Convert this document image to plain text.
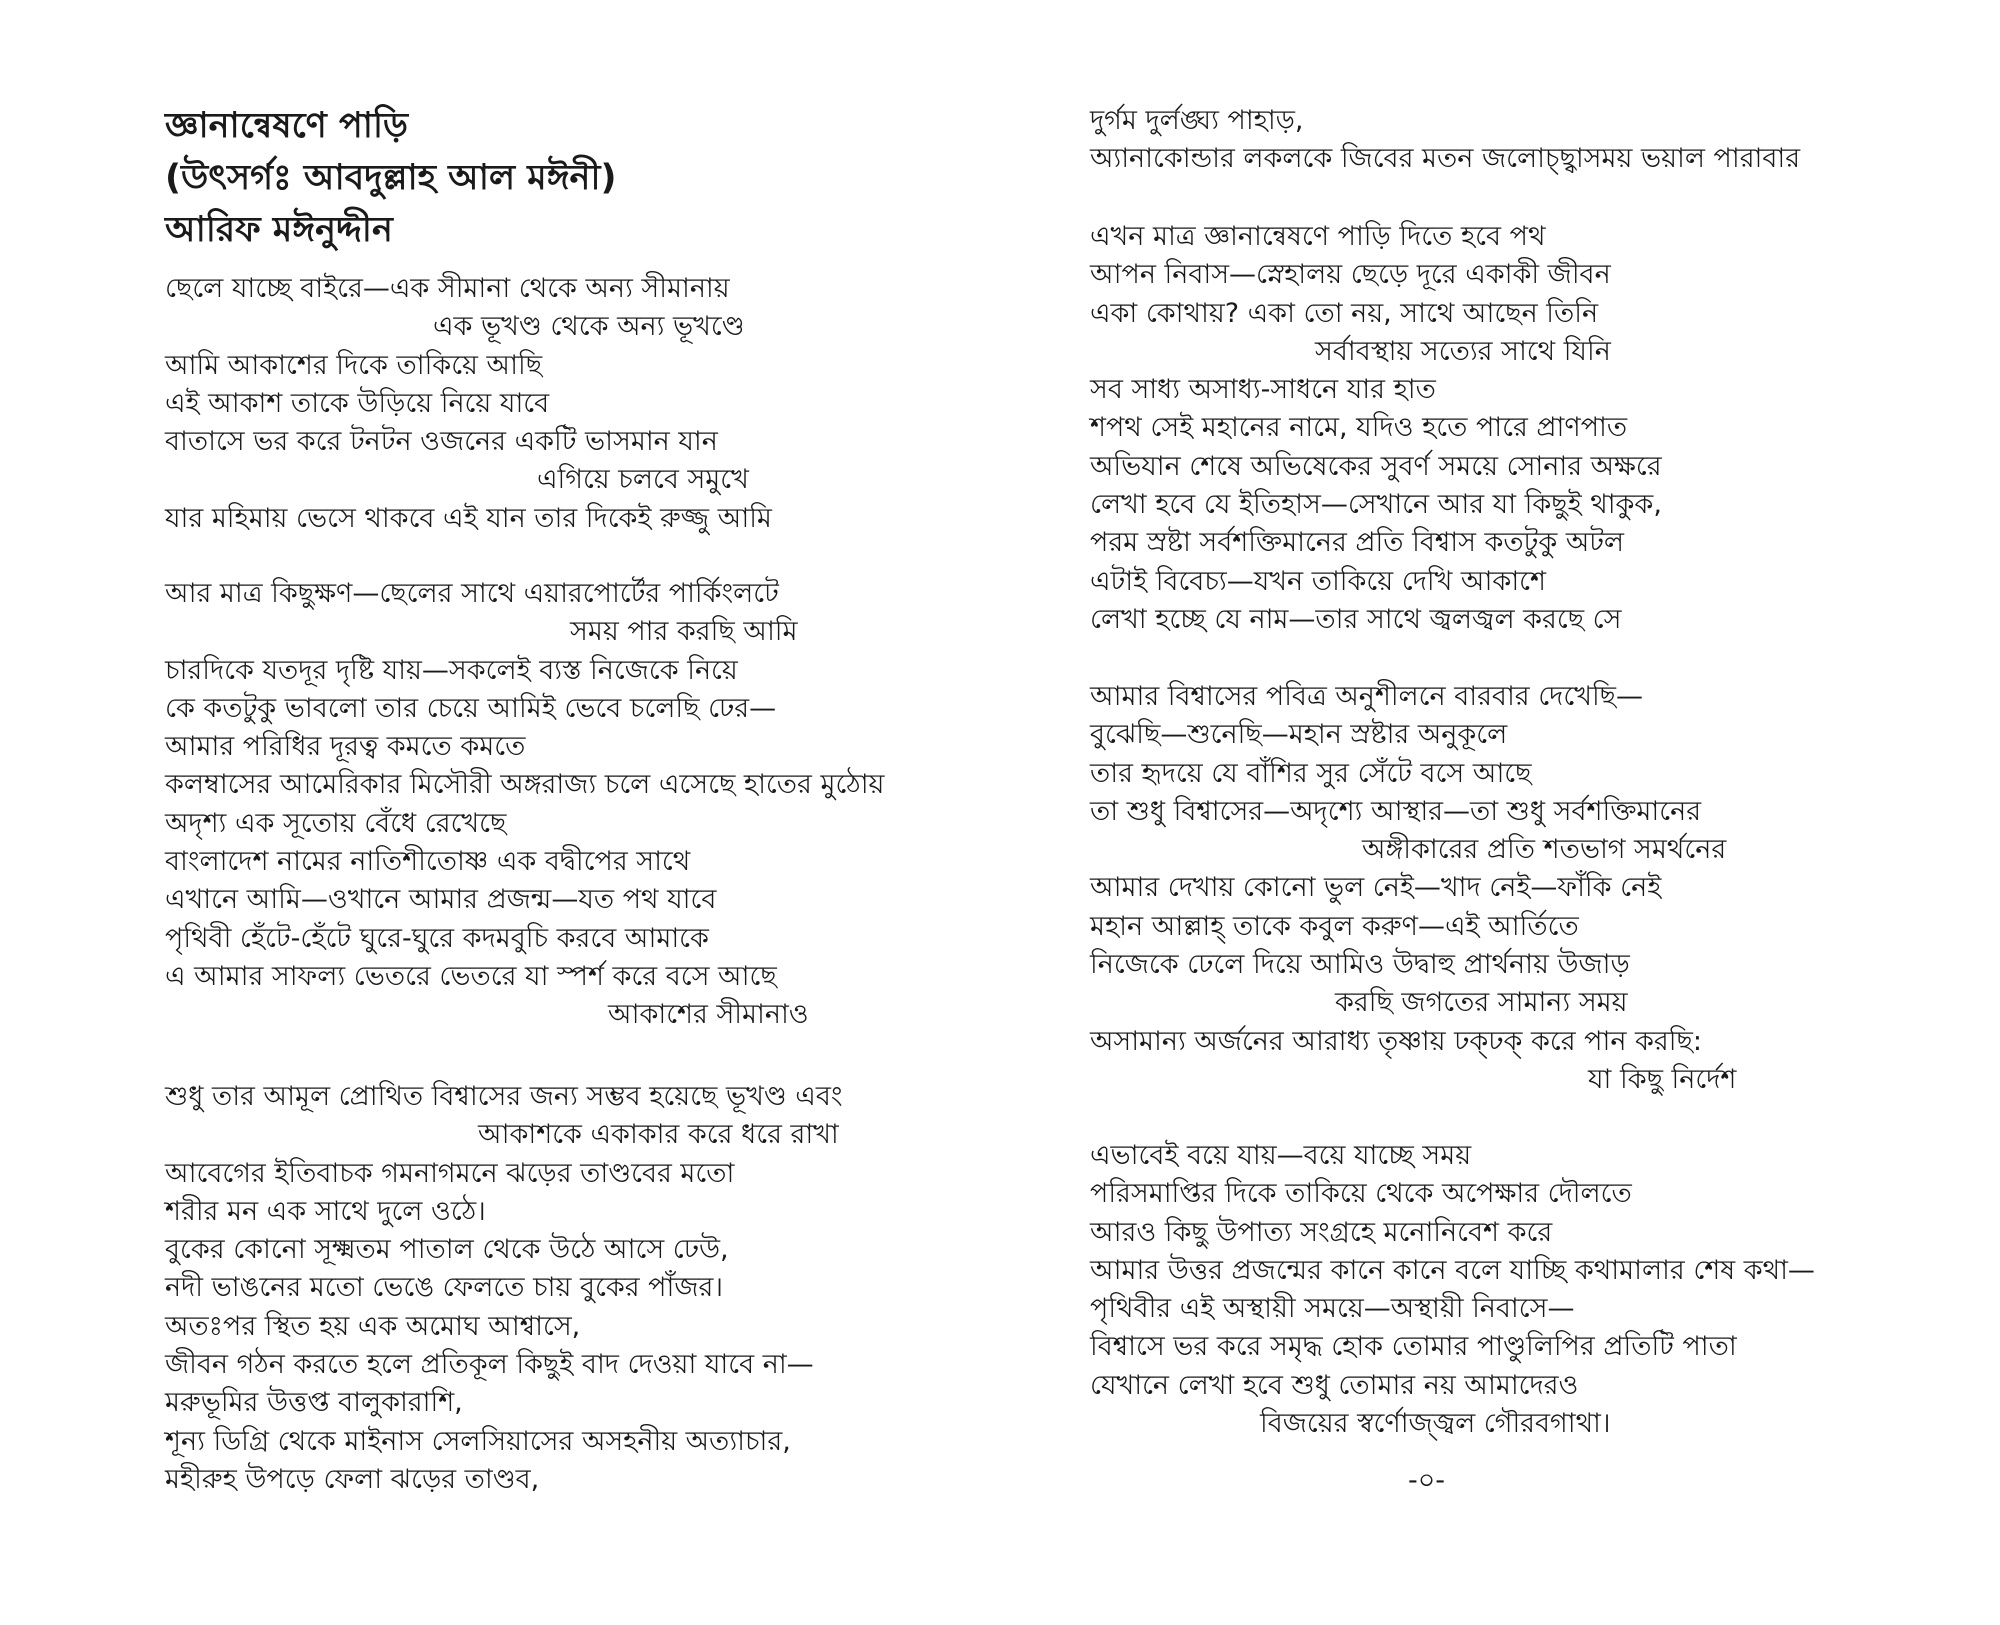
জ্ঞানান্বেষণে পাড়ি
(উৎসর্গঃ আবদুল্লাহ আল মঈনী)
আরিফ মঈনুদ্দীন
ছেলে যাচ্ছে বাইরে—এক সীমানা থেকে অন্য সীমানায়
এক ভূখণ্ড থেকে অন্য ভূখণ্ডে
আমি আকাশের দিকে তাকিয়ে আছি
এই আকাশ তাকে উড়িয়ে নিয়ে যাবে
বাতাসে ভর করে টনটন ওজনের একটি ভাসমান যান
এগিয়ে চলবে সমুখে
যার মহিমায় ভেসে থাকবে এই যান তার দিকেই রুজ্জু আমি
আর মাত্র কিছুক্ষণ—ছেলের সাথে এয়ারপোর্টের পার্কিংলটে
সময় পার করছি আমি
চারদিকে যতদূর দৃষ্টি যায়—সকলেই ব্যস্ত নিজেকে নিয়ে
কে কতটুকু ভাবলো তার চেয়ে আমিই ভেবে চলেছি ঢের—
আমার পরিধির দূরত্ব কমতে কমতে
কলম্বাসের আমেরিকার মিসৌরী অঙ্গরাজ্য চলে এসেছে হাতের মুঠোয়
অদৃশ্য এক সূতোয় বেঁধে রেখেছে
বাংলাদেশ নামের নাতিশীতোষ্ণ এক বদ্বীপের সাথে
এখানে আমি—ওখানে আমার প্রজন্ম—যত পথ যাবে
পৃথিবী হেঁটে-হেঁটে ঘুরে-ঘুরে কদমবুচি করবে আমাকে
এ আমার সাফল্য ভেতরে ভেতরে যা স্পর্শ করে বসে আছে
আকাশের সীমানাও
শুধু তার আমূল প্রোথিত বিশ্বাসের জন্য সম্ভব হয়েছে ভূখণ্ড এবং
আকাশকে একাকার করে ধরে রাখা
আবেগের ইতিবাচক গমনাগমনে ঝড়ের তাণ্ডবের মতো
শরীর মন এক সাথে দুলে ওঠে।
বুকের কোনো সূক্ষ্মতম পাতাল থেকে উঠে আসে ঢেউ,
নদী ভাঙনের মতো ভেঙে ফেলতে চায় বুকের পাঁজর।
অতঃপর স্থিত হয় এক অমোঘ আশ্বাসে,
জীবন গঠন করতে হলে প্রতিকূল কিছুই বাদ দেওয়া যাবে না—
মরুভূমির উত্তপ্ত বালুকারাশি,
শূন্য ডিগ্রি থেকে মাইনাস সেলসিয়াসের অসহনীয় অত্যাচার,
মহীরুহ উপড়ে ফেলা ঝড়ের তাণ্ডব,
দুর্গম দুর্লঙ্ঘ্য পাহাড়,
অ্যানাকোন্ডার লকলকে জিবের মতন জলোচ্ছ্বাসময় ভয়াল পারাবার
এখন মাত্র জ্ঞানান্বেষণে পাড়ি দিতে হবে পথ
আপন নিবাস—স্নেহালয় ছেড়ে দূরে একাকী জীবন
একা কোথায়? একা তো নয়, সাথে আছেন তিনি
সর্বাবস্থায় সত্যের সাথে যিনি
সব সাধ্য অসাধ্য-সাধনে যার হাত
শপথ সেই মহানের নামে, যদিও হতে পারে প্রাণপাত
অভিযান শেষে অভিষেকের সুবর্ণ সময়ে সোনার অক্ষরে
লেখা হবে যে ইতিহাস—সেখানে আর যা কিছুই থাকুক,
পরম স্রষ্টা সর্বশক্তিমানের প্রতি বিশ্বাস কতটুকু অটল
এটাই বিবেচ্য—যখন তাকিয়ে দেখি আকাশে
লেখা হচ্ছে যে নাম—তার সাথে জ্বলজ্বল করছে সে
আমার বিশ্বাসের পবিত্র অনুশীলনে বারবার দেখেছি—
বুঝেছি—শুনেছি—মহান স্রষ্টার অনুকূলে
তার হৃদয়ে যে বাঁশির সুর সেঁটে বসে আছে
তা শুধু বিশ্বাসের—অদৃশ্যে আস্থার—তা শুধু সর্বশক্তিমানের
অঙ্গীকারের প্রতি শতভাগ সমর্থনের
আমার দেখায় কোনো ভুল নেই—খাদ নেই—ফাঁকি নেই
মহান আল্লাহ্‌ তাকে কবুল করুণ—এই আর্তিতে
নিজেকে ঢেলে দিয়ে আমিও উদ্বাহু প্রার্থনায় উজাড়
করছি জগতের সামান্য সময়
অসামান্য অর্জনের আরাধ্য তৃষ্ণায় ঢক্‌ঢক্‌ করে পান করছি:
যা কিছু নির্দেশ
এভাবেই বয়ে যায়—বয়ে যাচ্ছে সময়
পরিসমাপ্তির দিকে তাকিয়ে থেকে অপেক্ষার দৌলতে
আরও কিছু উপাত্য সংগ্রহে মনোনিবেশ করে
আমার উত্তর প্রজন্মের কানে কানে বলে যাচ্ছি কথামালার শেষ কথা—
পৃথিবীর এই অস্থায়ী সময়ে—অস্থায়ী নিবাসে—
বিশ্বাসে ভর করে সমৃদ্ধ হোক তোমার পাণ্ডুলিপির প্রতিটি পাতা
যেখানে লেখা হবে শুধু তোমার নয় আমাদেরও
বিজয়ের স্বর্ণোজ্জ্বল গৌরবগাথা।
-০-
